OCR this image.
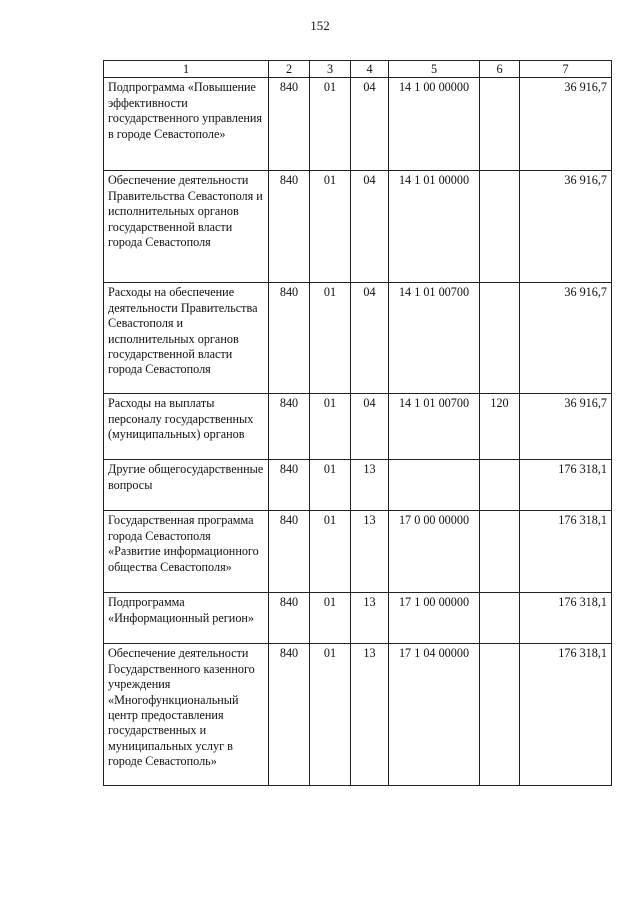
152
1	2	3	4	5	6	7
Подпрограмма «Повышение эффективности государственного управления в городе Севастополе»	840	01	04	14 1 00 00000		36 916,7
Обеспечение деятельности Правительства Севастополя и исполнительных органов государственной власти города Севастополя	840	01	04	14 1 01 00000		36 916,7
Расходы на обеспечение деятельности Правительства Севастополя и исполнительных органов государственной власти города Севастополя	840	01	04	14 1 01 00700		36 916,7
Расходы на выплаты персоналу государственных (муниципальных) органов	840	01	04	14 1 01 00700	120	36 916,7
Другие общегосударственные вопросы	840	01	13			176 318,1
Государственная программа города Севастополя «Развитие информационного общества Севастополя»	840	01	13	17 0 00 00000		176 318,1
Подпрограмма «Информационный регион»	840	01	13	17 1 00 00000		176 318,1
Обеспечение деятельности Государственного казенного учреждения «Многофункциональный центр предоставления государственных и муниципальных услуг в городе Севастополь»	840	01	13	17 1 04 00000		176 318,1
